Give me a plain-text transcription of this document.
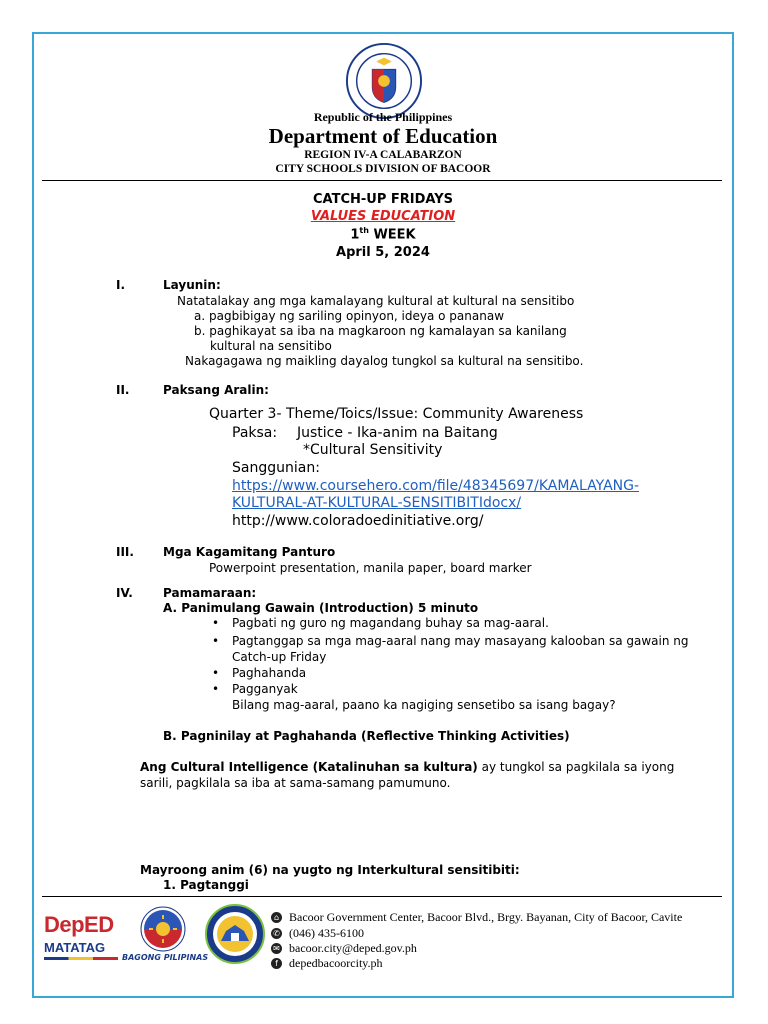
Republic of the Philippines
Department of Education
REGION IV-A CALABARZON
CITY SCHOOLS DIVISION OF BACOOR
CATCH-UP FRIDAYS
VALUES EDUCATION
1th WEEK
April 5, 2024
I.	Layunin:
Natatalakay ang mga kamalayang kultural at kultural na sensitibo
a. pagbibigay ng sariling opinyon, ideya o pananaw
b. paghikayat sa iba na magkaroon ng kamalayan sa kanilang
kultural na sensitibo
Nakagagawa ng maikling dayalog tungkol sa kultural na sensitibo.
II.	Paksang Aralin:
Quarter 3- Theme/Toics/Issue: Community Awareness
Paksa: Justice - Ika-anim na Baitang
*Cultural Sensitivity
Sanggunian:
https://www.coursehero.com/file/48345697/KAMALAYANG-
KULTURAL-AT-KULTURAL-SENSITIBITIdocx/
http://www.coloradoedinitiative.org/
III. Mga Kagamitang Panturo
Powerpoint presentation, manila paper, board marker
IV.	Pamamaraan:
A. Panimulang Gawain (Introduction) 5 minuto
• Pagbati ng guro ng magandang buhay sa mag-aaral.
• Pagtanggap sa mga mag-aaral nang may masayang kalooban sa gawain ng
Catch-up Friday
• Paghahanda
• Pagganyak
Bilang mag-aaral, paano ka nagiging sensetibo sa isang bagay?
B. Pagninilay at Paghahanda (Reflective Thinking Activities)
Ang Cultural Intelligence (Katalinuhan sa kultura) ay tungkol sa pagkilala sa iyong
sarili, pagkilala sa iba at sama-samang pamumuno.
Mayroong anim (6) na yugto ng Interkultural sensitibiti:
1. Pagtanggi
DepED
MATATAG
BAGONG PILIPINAS
⌂ Bacoor Government Center, Bacoor Blvd., Brgy. Bayanan, City of Bacoor, Cavite
✆ (046) 435-6100
✉ bacoor.city@deped.gov.ph
f depedbacoorcity.ph
